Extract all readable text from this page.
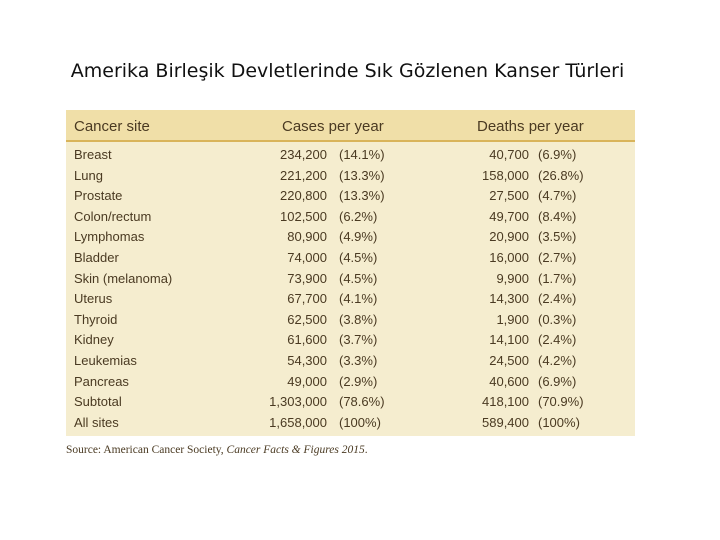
Amerika Birleşik Devletlerinde Sık Gözlenen Kanser Türleri
Cancer site	Cases per year	Deaths per year
Breast	234,200 (14.1%)	40,700 (6.9%)
Lung	221,200 (13.3%)	158,000 (26.8%)
Prostate	220,800 (13.3%)	27,500 (4.7%)
Colon/rectum	102,500 (6.2%)	49,700 (8.4%)
Lymphomas	80,900 (4.9%)	20,900 (3.5%)
Bladder	74,000 (4.5%)	16,000 (2.7%)
Skin (melanoma)	73,900 (4.5%)	9,900 (1.7%)
Uterus	67,700 (4.1%)	14,300 (2.4%)
Thyroid	62,500 (3.8%)	1,900 (0.3%)
Kidney	61,600 (3.7%)	14,100 (2.4%)
Leukemias	54,300 (3.3%)	24,500 (4.2%)
Pancreas	49,000 (2.9%)	40,600 (6.9%)
Subtotal	1,303,000 (78.6%)	418,100 (70.9%)
All sites	1,658,000 (100%)	589,400 (100%)
Source: American Cancer Society, Cancer Facts & Figures 2015.
